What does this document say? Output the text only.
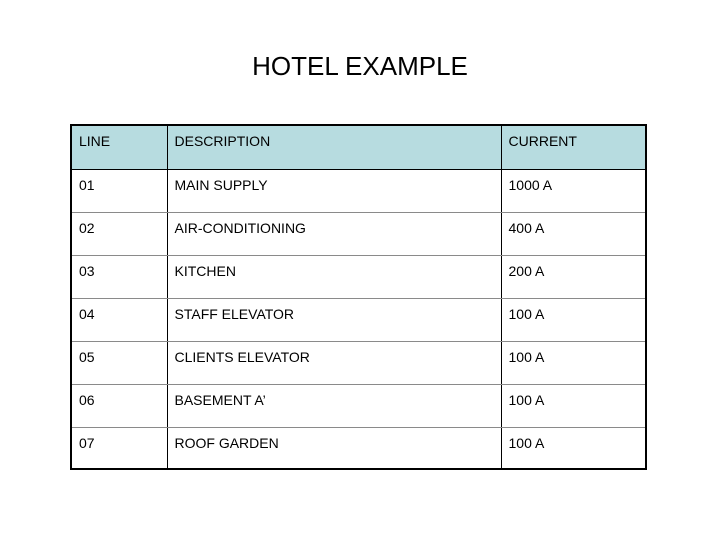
HOTEL EXAMPLE
LINE	DESCRIPTION	CURRENT
01	MAIN SUPPLY	1000 A
02	AIR-CONDITIONING	400 A
03	KITCHEN	200 A
04	STAFF ELEVATOR	100 A
05	CLIENTS ELEVATOR	100 A
06	BASEMENT A’	100 A
07	ROOF GARDEN	100 A
